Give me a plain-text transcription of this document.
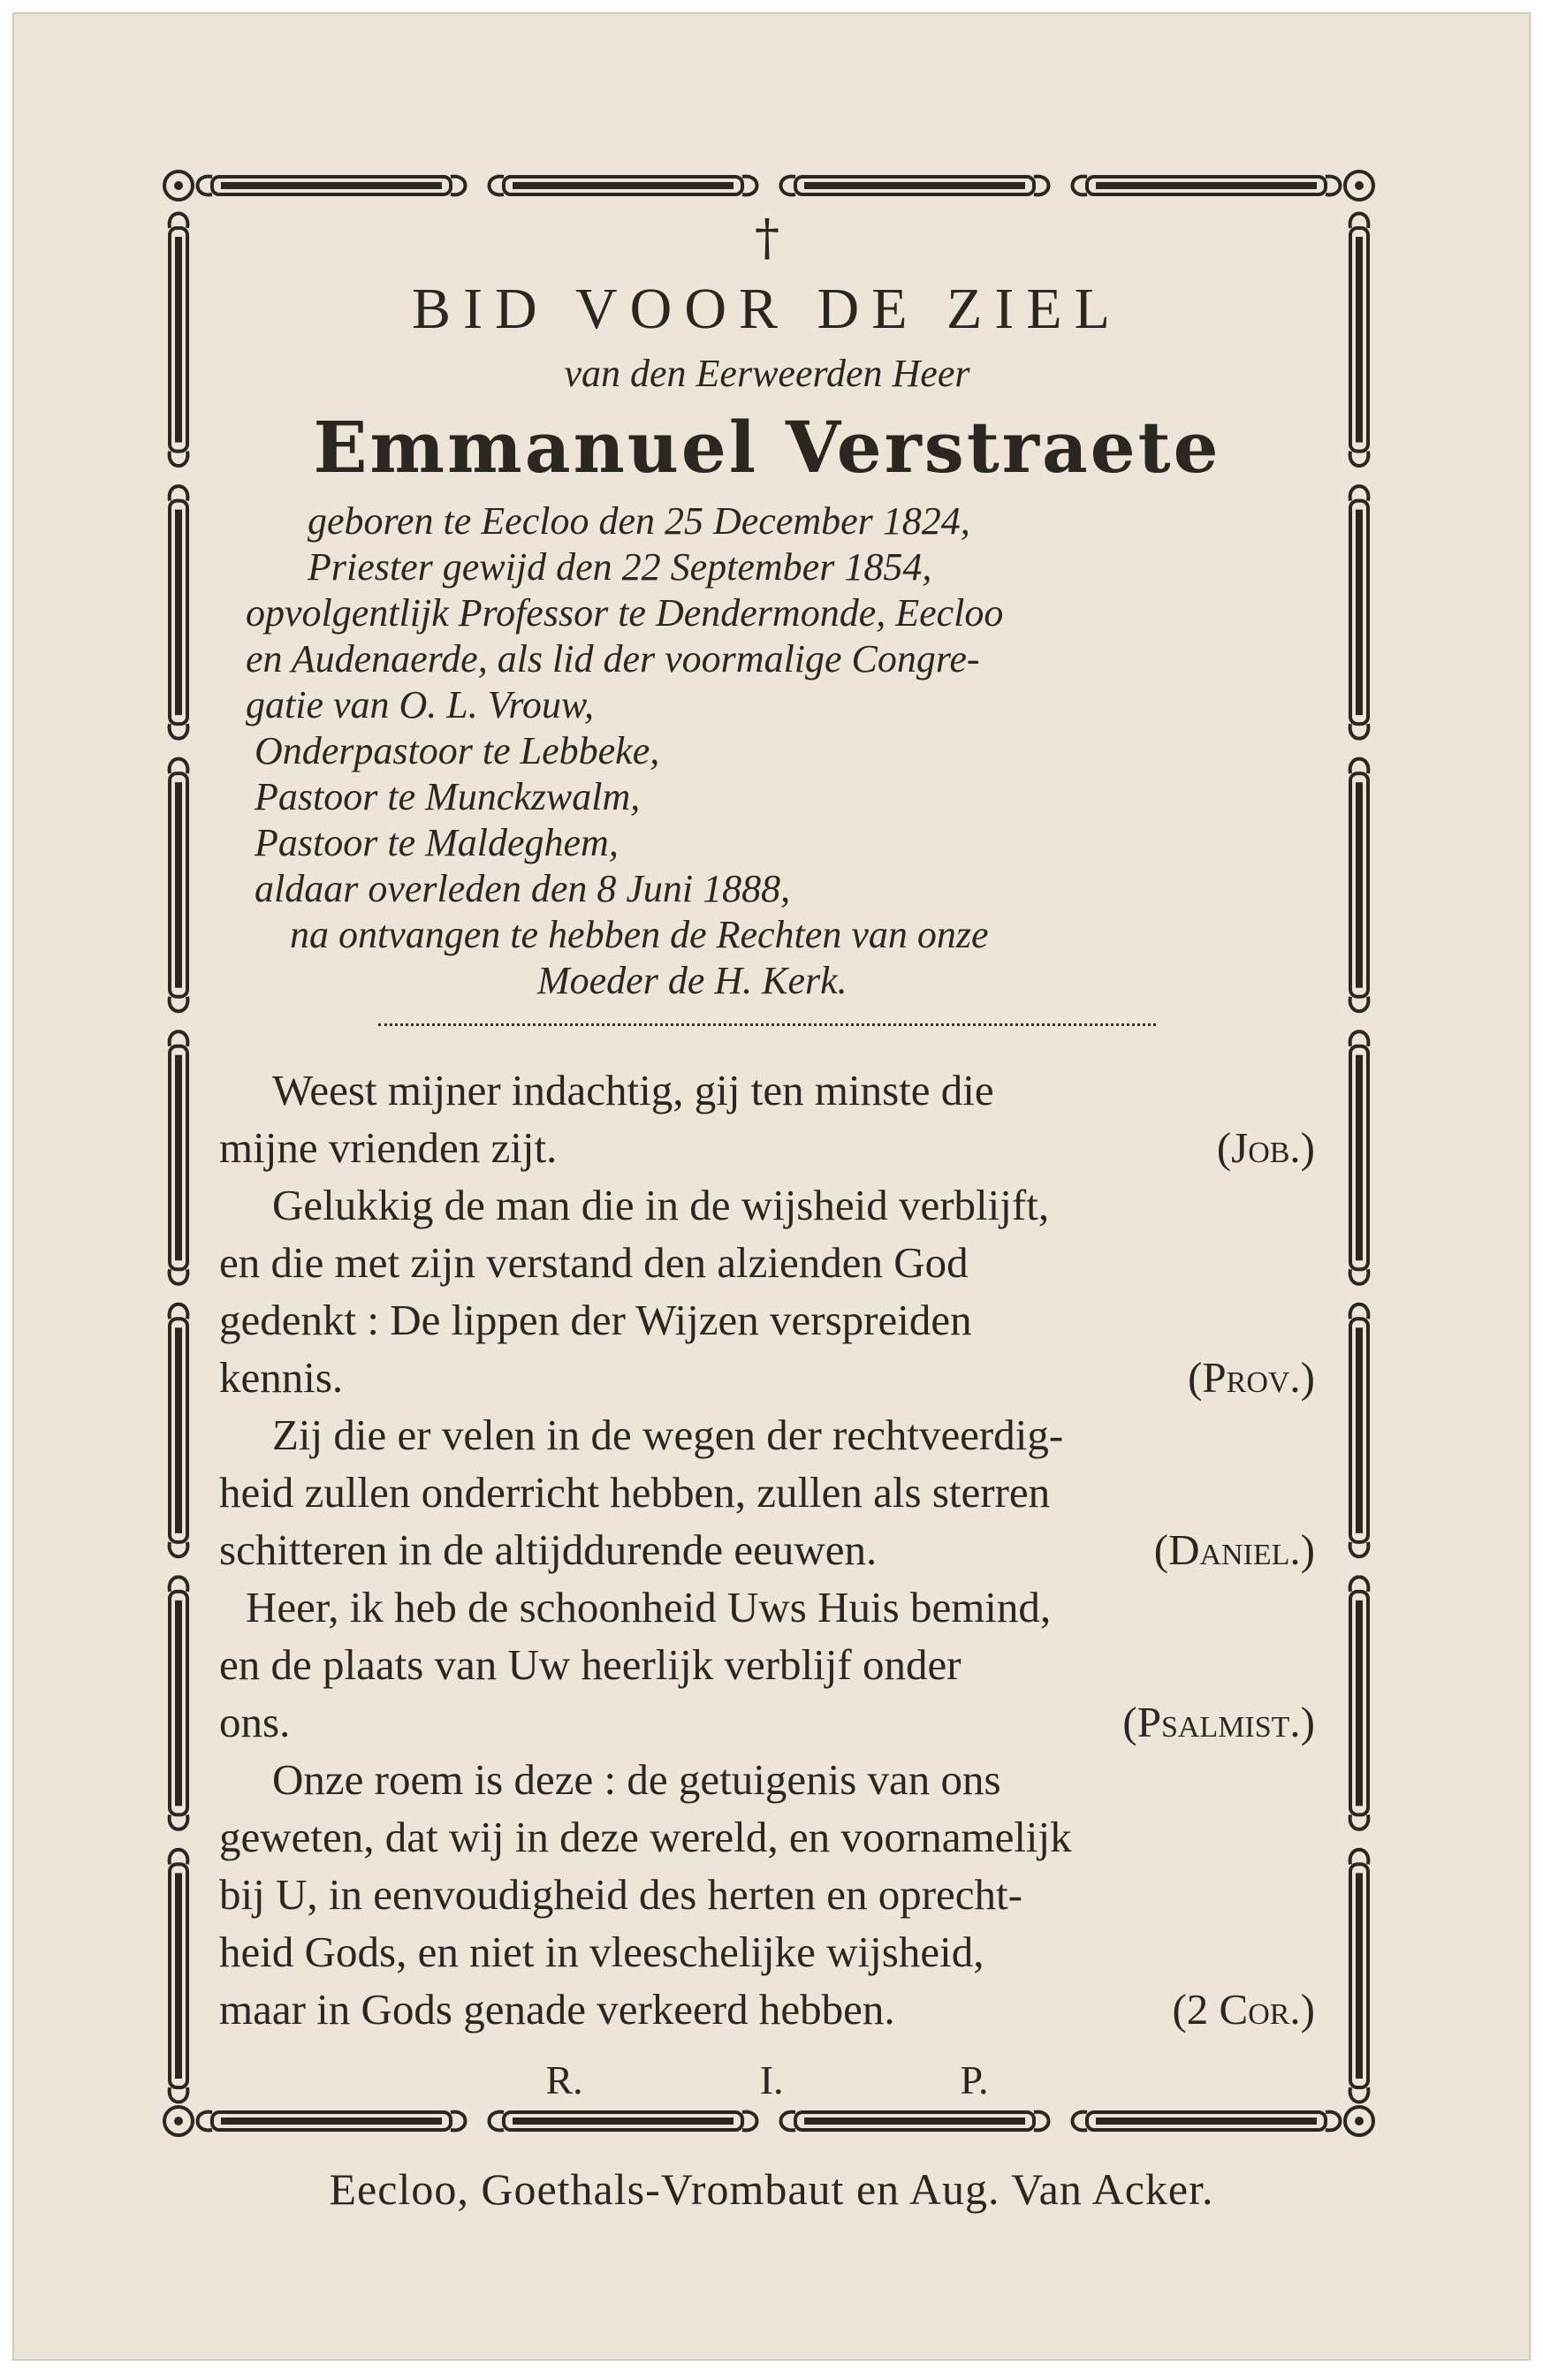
†
BID VOOR DE ZIEL
van den Eerweerden Heer
Emmanuel Verstraete

geboren te Eecloo den 25 December 1824,

Priester gewijd den 22 September 1854,

opvolgentlijk Professor te Dendermonde, Eecloo

en Audenaerde, als lid der voormalige Congre-

gatie van O. L. Vrouw,

Onderpastoor te Lebbeke,

Pastoor te Munckzwalm,

Pastoor te Maldeghem,

aldaar overleden den 8 Juni 1888,

na ontvangen te hebben de Rechten van onze

Moeder de H. Kerk.

Weest mijner indachtig, gij ten minste die
mijne vrienden zijt.	(Job.)
Gelukkig de man die in de wijsheid verblijft,
en die met zijn verstand den alzienden God
gedenkt : De lippen der Wijzen verspreiden
kennis.	(Prov.)
Zij die er velen in de wegen der rechtveerdig-
heid zullen onderricht hebben, zullen als sterren
schitteren in de altijddurende eeuwen.	(Daniel.)
Heer, ik heb de schoonheid Uws Huis bemind,
en de plaats van Uw heerlijk verblijf onder
ons.	(Psalmist.)
Onze roem is deze : de getuigenis van ons
geweten, dat wij in deze wereld, en voornamelijk
bij U, in eenvoudigheid des herten en oprecht-
heid Gods, en niet in vleeschelijke wijsheid,
maar in Gods genade verkeerd hebben.	(2 Cor.)
R.	I.	P.
Eecloo, Goethals-Vrombaut en Aug. Van Acker.
